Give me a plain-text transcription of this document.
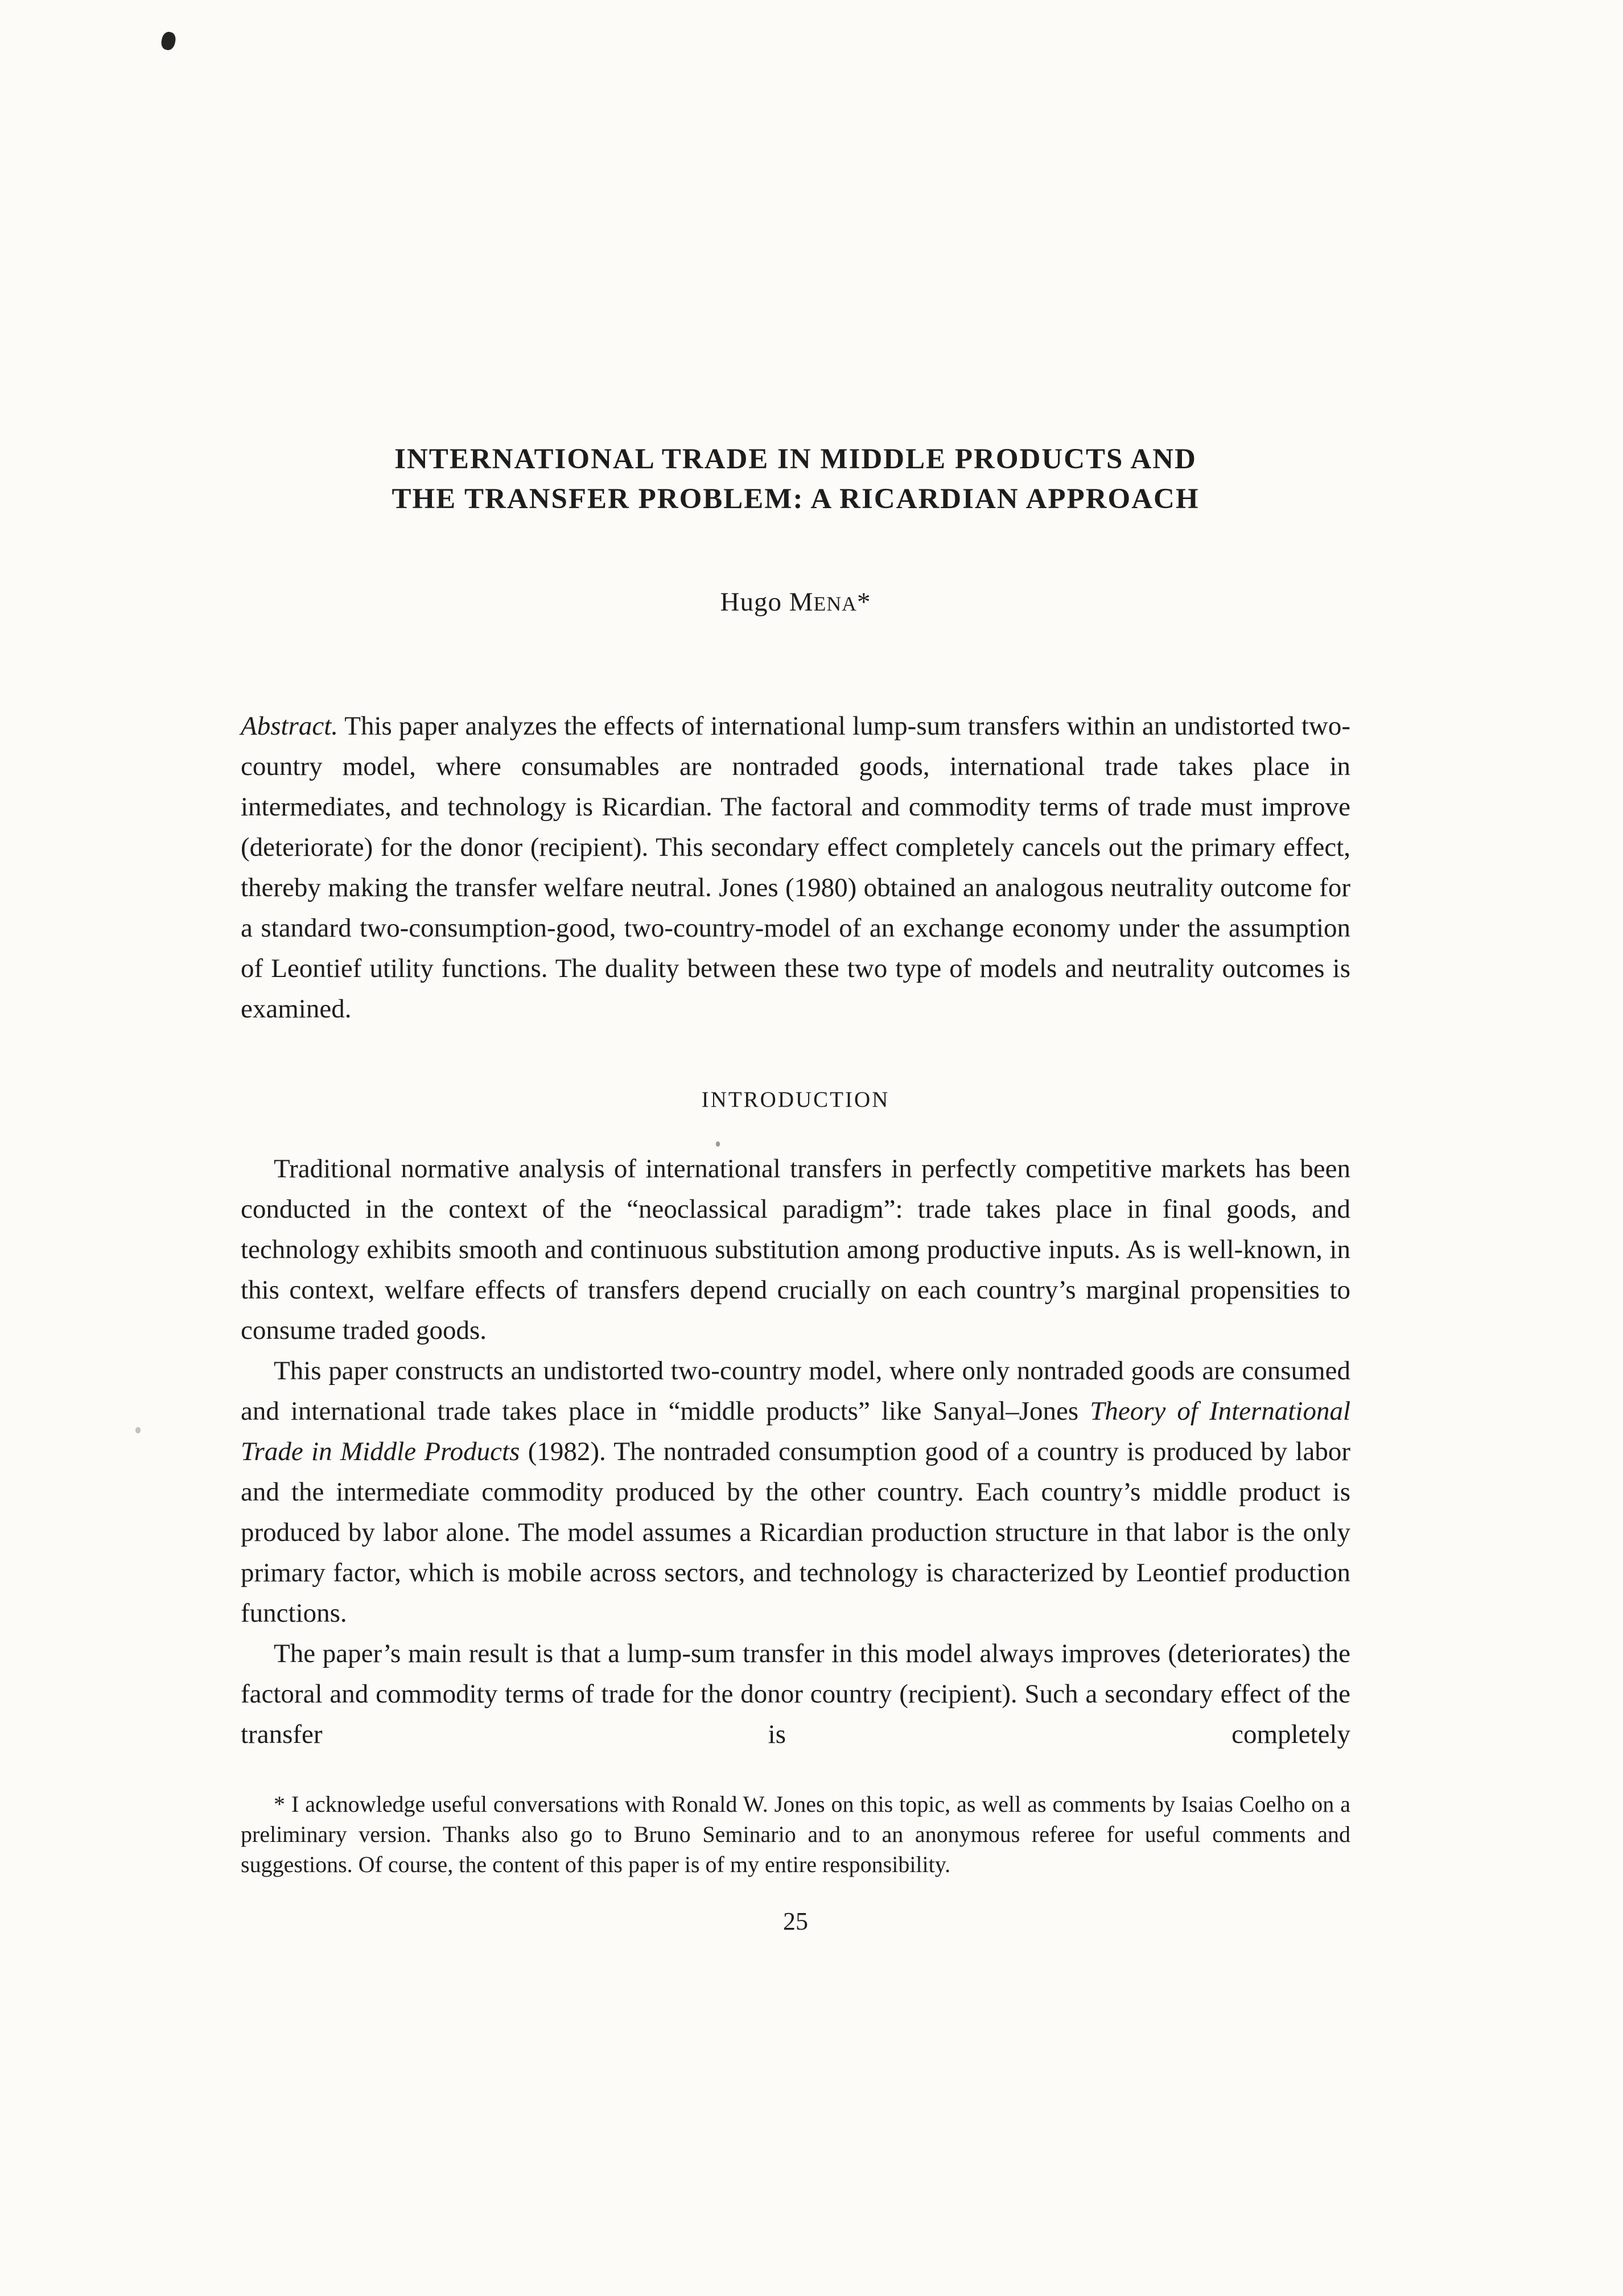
INTERNATIONAL TRADE IN MIDDLE PRODUCTS AND
THE TRANSFER PROBLEM: A RICARDIAN APPROACH
Hugo MENA*

Abstract. This paper analyzes the effects of international lump-sum transfers within an undistorted two-country model, where consumables are nontraded goods, international trade takes place in intermediates, and technology is Ricardian. The factoral and commodity terms of trade must improve (deteriorate) for the donor (recipient). This secondary effect completely cancels out the primary effect, thereby making the transfer welfare neutral. Jones (1980) obtained an analogous neutrality outcome for a standard two-consumption-good, two-country-model of an exchange economy under the assumption of Leontief utility functions. The duality between these two type of models and neutrality outcomes is examined.

INTRODUCTION

Traditional normative analysis of international transfers in perfectly competitive markets has been conducted in the context of the “neoclassical paradigm”: trade takes place in final goods, and technology exhibits smooth and continuous substitution among productive inputs. As is well-known, in this context, welfare effects of transfers depend crucially on each country’s marginal propensities to consume traded goods.

This paper constructs an undistorted two-country model, where only nontraded goods are consumed and international trade takes place in “middle products” like Sanyal–Jones Theory of International Trade in Middle Products (1982). The nontraded consumption good of a country is produced by labor and the intermediate commodity produced by the other country. Each country’s middle product is produced by labor alone. The model assumes a Ricardian production structure in that labor is the only primary factor, which is mobile across sectors, and technology is characterized by Leontief production functions.

The paper’s main result is that a lump-sum transfer in this model always improves (deteriorates) the factoral and commodity terms of trade for the donor country (recipient). Such a secondary effect of the transfer is completely

* I acknowledge useful conversations with Ronald W. Jones on this topic, as well as comments by Isaias Coelho on a preliminary version. Thanks also go to Bruno Seminario and to an anonymous referee for useful comments and suggestions. Of course, the content of this paper is of my entire responsibility.

25
